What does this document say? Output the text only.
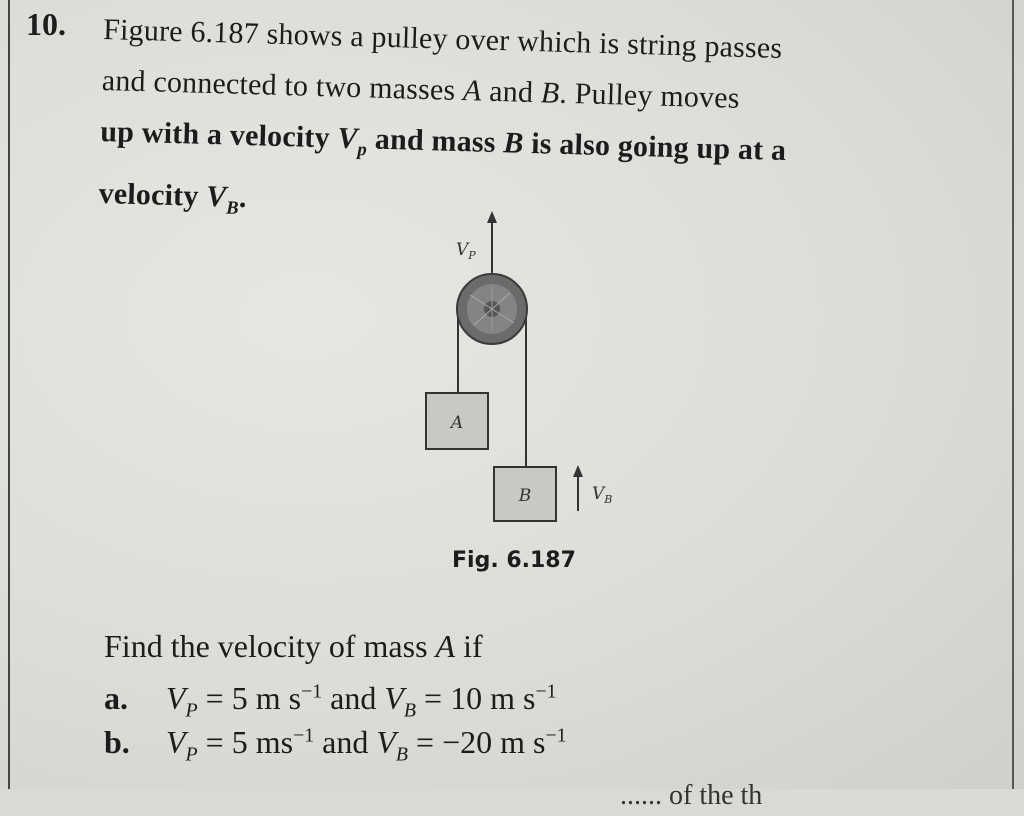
10. Figure 6.187 shows a pulley over which is string passes
and connected to two masses A and B. Pulley moves
up with a velocity $V_p$ and mass B is also going up at a
velocity $V_B$.
$V_P$
A
B	$V_B$
Fig. 6.187
Find the velocity of mass A if
a. $V_P = 5$ m $s^{-1}$ and $V_B = 10$ m $s^{-1}$
b. $V_P = 5$ $ms^{-1}$ and $V_B = -20$ m $s^{-1}$
...... of the th
